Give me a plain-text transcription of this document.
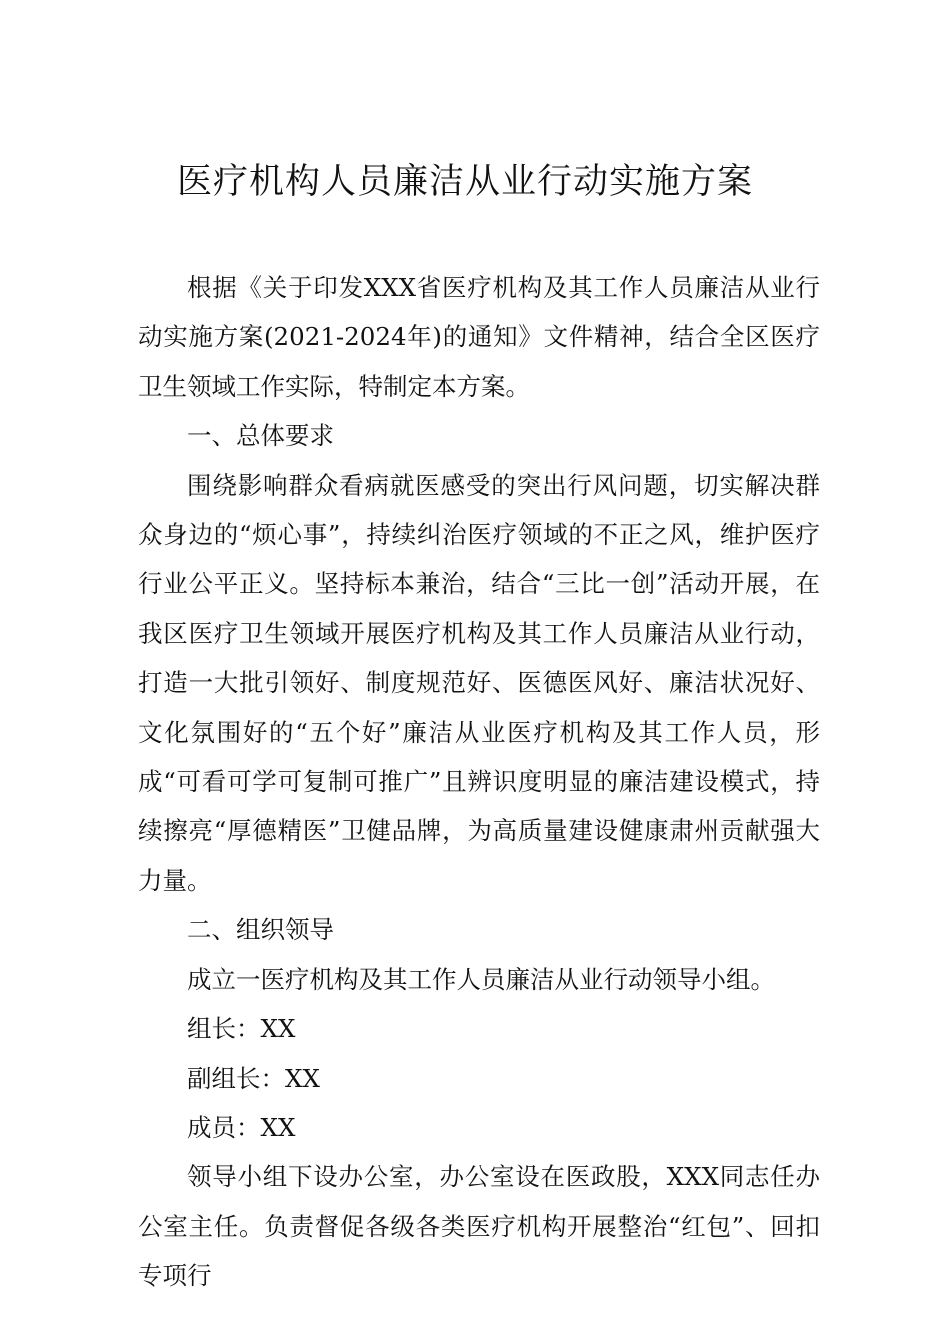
医疗机构人员廉洁从业行动实施方案

根据《关于印发XXX省医疗机构及其工作人员廉洁从业行动实施方案(2021-2024年)的通知》文件精神，结合全区医疗卫生领域工作实际，特制定本方案。

一、总体要求

围绕影响群众看病就医感受的突出行风问题，切实解决群众身边的“烦心事”，持续纠治医疗领域的不正之风，维护医疗行业公平正义。坚持标本兼治，结合“三比一创”活动开展，在我区医疗卫生领域开展医疗机构及其工作人员廉洁从业行动，打造一大批引领好、制度规范好、医德医风好、廉洁状况好、文化氛围好的“五个好”廉洁从业医疗机构及其工作人员，形成“可看可学可复制可推广”且辨识度明显的廉洁建设模式，持续擦亮“厚德精医”卫健品牌，为高质量建设健康肃州贡献强大力量。

二、组织领导

成立一医疗机构及其工作人员廉洁从业行动领导小组。

组长：XX

副组长：XX

成员：XX

领导小组下设办公室，办公室设在医政股，XXX同志任办公室主任。负责督促各级各类医疗机构开展整治“红包”、回扣专项行
